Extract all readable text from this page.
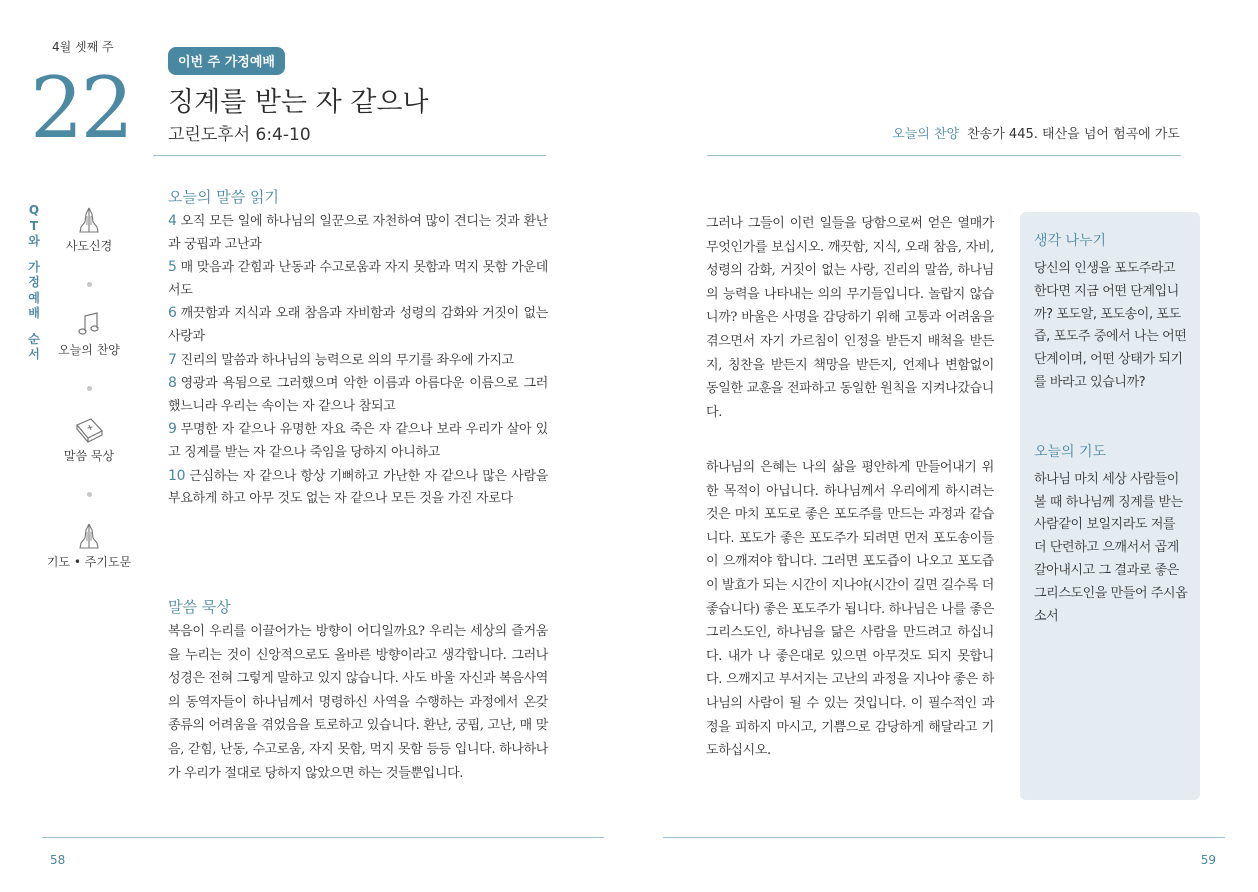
4월 셋째 주
22	이번 주 가정예배
징계를 받는 자 같으나
고린도후서 6:4-10	오늘의 찬양 찬송가 445. 태산을 넘어 험곡에 가도
Q
T
와
가
정
예
배
순
서
사도신경
오늘의 찬양
말씀 묵상
기도 • 주기도문
오늘의 말씀 읽기
4 오직 모든 일에 하나님의 일꾼으로 자천하여 많이 견디는 것과 환난과 궁핍과 고난과
5 매 맞음과 갇힘과 난동과 수고로움과 자지 못함과 먹지 못함 가운데서도
6 깨끗함과 지식과 오래 참음과 자비함과 성령의 감화와 거짓이 없는 사랑과
7 진리의 말씀과 하나님의 능력으로 의의 무기를 좌우에 가지고
8 영광과 욕됨으로 그러했으며 악한 이름과 아름다운 이름으로 그러했느니라 우리는 속이는 자 같으나 참되고
9 무명한 자 같으나 유명한 자요 죽은 자 같으나 보라 우리가 살아 있고 징계를 받는 자 같으나 죽임을 당하지 아니하고
10 근심하는 자 같으나 항상 기뻐하고 가난한 자 같으나 많은 사람을 부요하게 하고 아무 것도 없는 자 같으나 모든 것을 가진 자로다
말씀 묵상

복음이 우리를 이끌어가는 방향이 어디일까요? 우리는 세상의 즐거움을 누리는 것이 신앙적으로도 올바른 방향이라고 생각합니다. 그러나 성경은 전혀 그렇게 말하고 있지 않습니다. 사도 바울 자신과 복음사역의 동역자들이 하나님께서 명령하신 사역을 수행하는 과정에서 온갖 종류의 어려움을 겪었음을 토로하고 있습니다. 환난, 궁핍, 고난, 매 맞음, 갇힘, 난동, 수고로움, 자지 못함, 먹지 못함 등등 입니다. 하나하나가 우리가 절대로 당하지 않았으면 하는 것들뿐입니다.

그러나 그들이 이런 일들을 당함으로써 얻은 열매가 무엇인가를 보십시오. 깨끗함, 지식, 오래 참음, 자비, 성령의 감화, 거짓이 없는 사랑, 진리의 말씀, 하나님의 능력을 나타내는 의의 무기들입니다. 놀랍지 않습니까? 바울은 사명을 감당하기 위해 고통과 어려움을 겪으면서 자기 가르침이 인정을 받든지 배척을 받든지, 칭찬을 받든지 책망을 받든지, 언제나 변함없이 동일한 교훈을 전파하고 동일한 원칙을 지켜나갔습니다.

하나님의 은혜는 나의 삶을 평안하게 만들어내기 위한 목적이 아닙니다. 하나님께서 우리에게 하시려는 것은 마치 포도로 좋은 포도주를 만드는 과정과 같습니다. 포도가 좋은 포도주가 되려면 먼저 포도송이들이 으깨져야 합니다. 그러면 포도즙이 나오고 포도즙이 발효가 되는 시간이 지나야(시간이 길면 길수록 더 좋습니다) 좋은 포도주가 됩니다. 하나님은 나를 좋은 그리스도인, 하나님을 닮은 사람을 만드려고 하십니다. 내가 나 좋은대로 있으면 아무것도 되지 못합니다. 으깨지고 부서지는 고난의 과정을 지나야 좋은 하나님의 사람이 될 수 있는 것입니다. 이 필수적인 과정을 피하지 마시고, 기쁨으로 감당하게 해달라고 기도하십시오.

생각 나누기
당신의 인생을 포도주라고 한다면 지금 어떤 단계입니까? 포도알, 포도송이, 포도즙, 포도주 중에서 나는 어떤 단계이며, 어떤 상태가 되기를 바라고 있습니까?
오늘의 기도
하나님 마치 세상 사람들이 볼 때 하나님께 징계를 받는 사람같이 보일지라도 저를 더 단련하고 으깨서서 곱게 갈아내시고 그 결과로 좋은 그리스도인을 만들어 주시옵소서
58	59
